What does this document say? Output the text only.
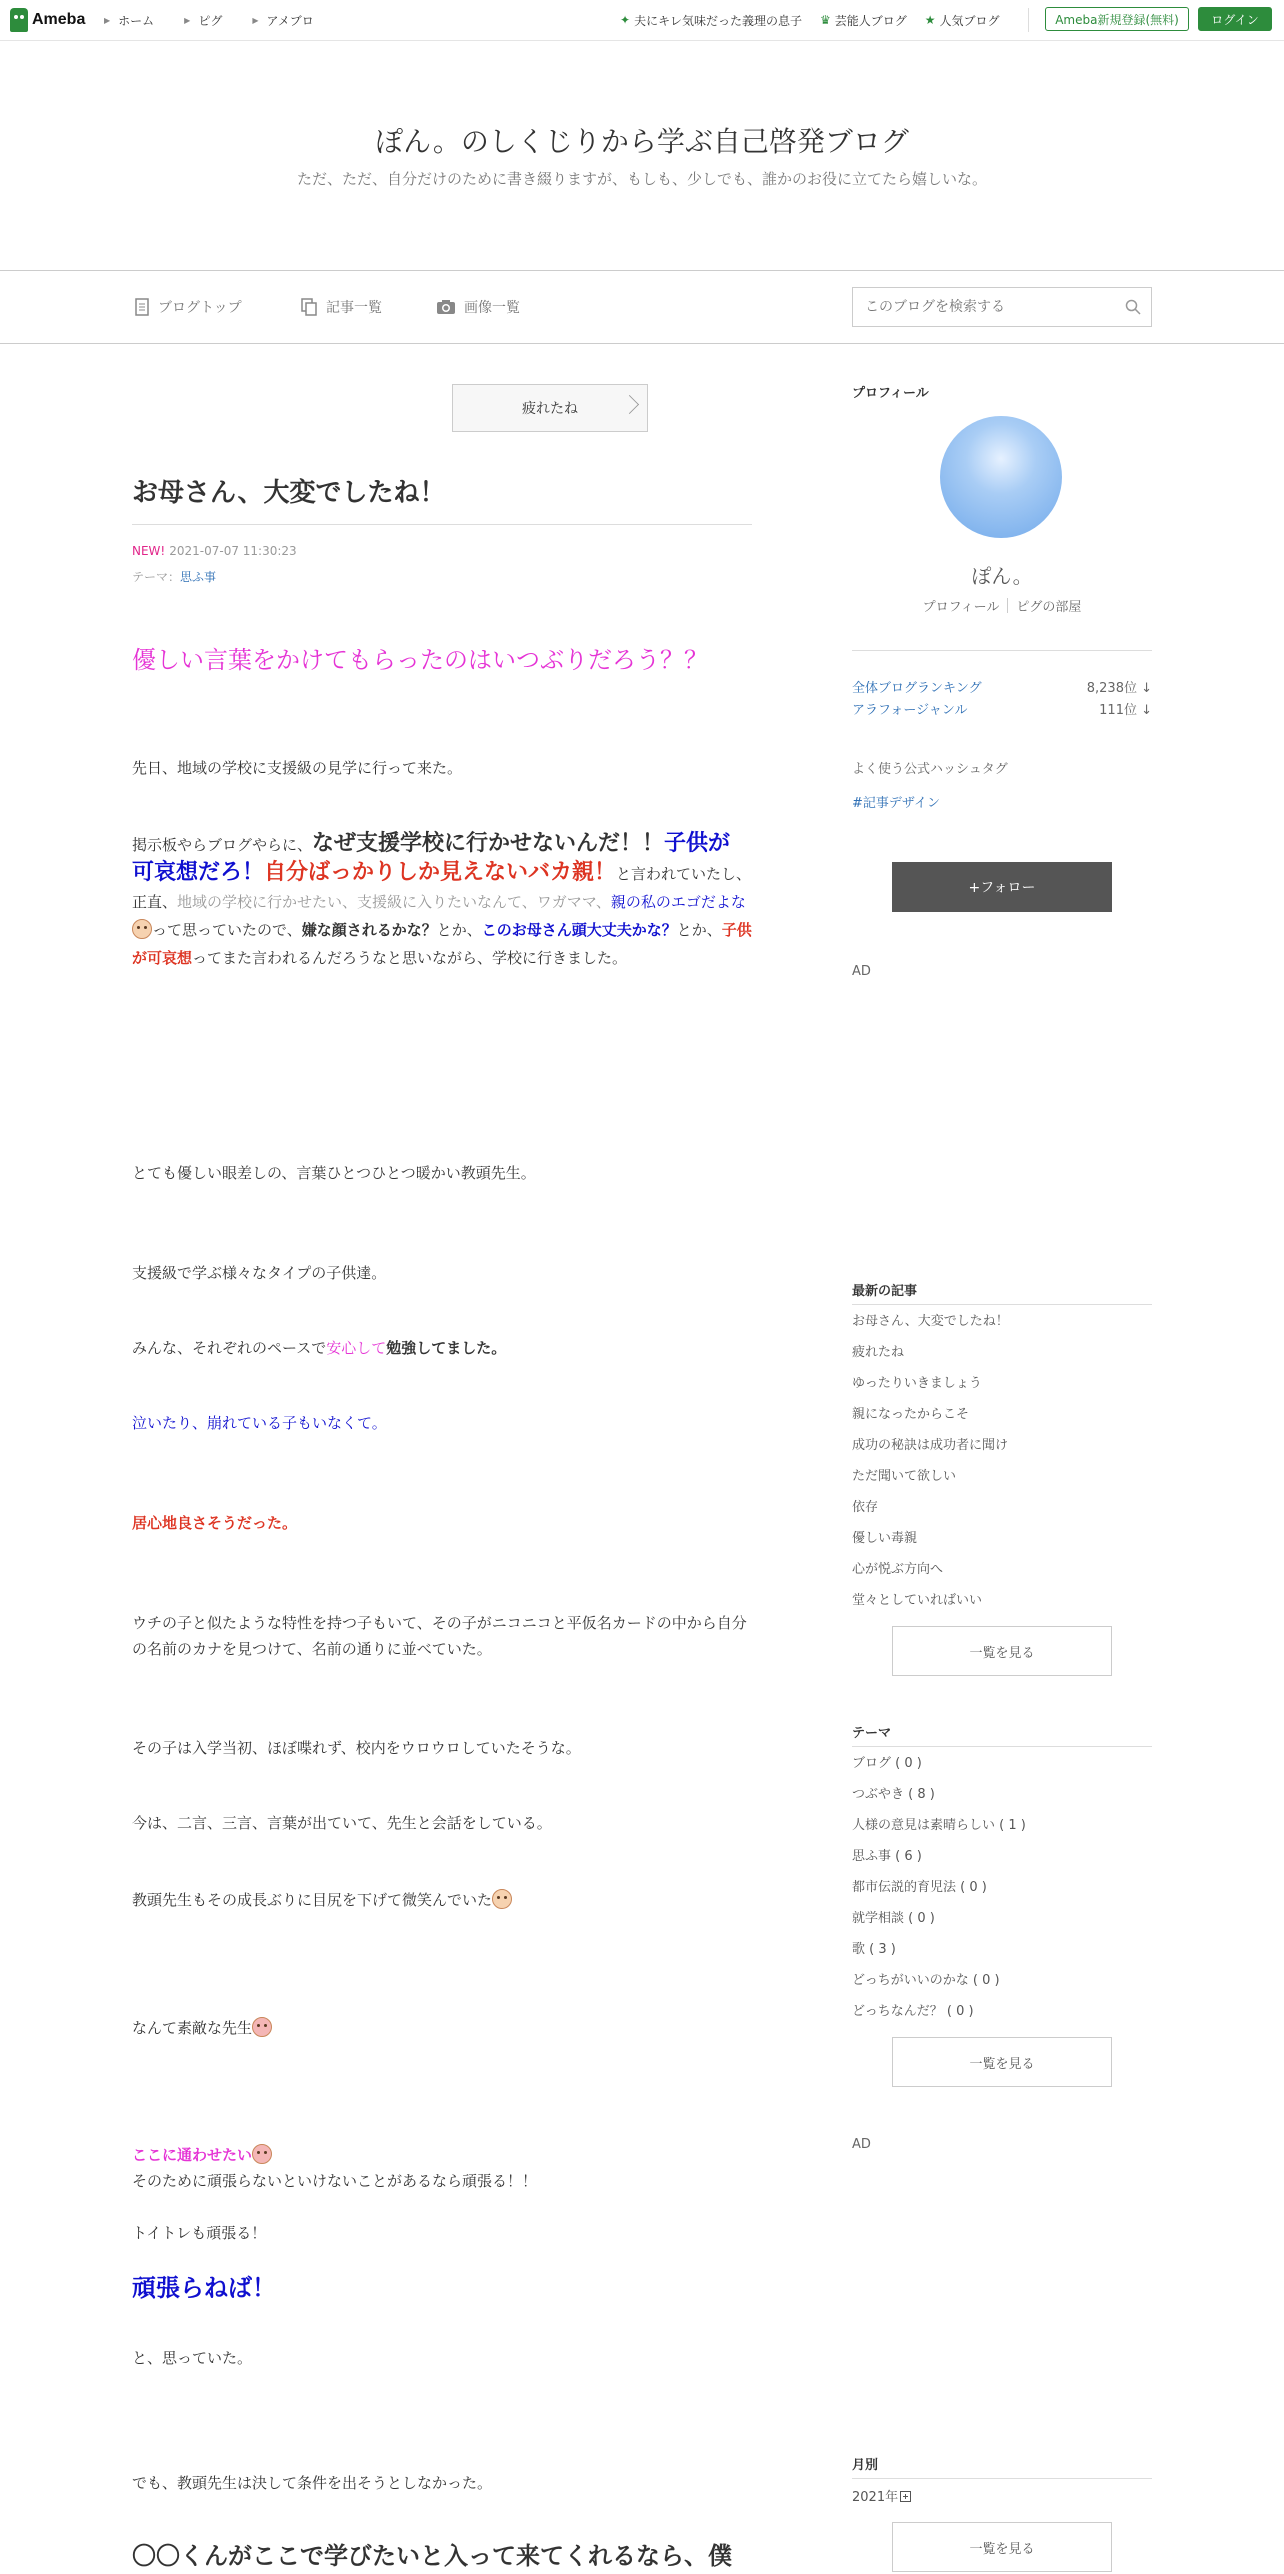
Ameba ▶ ホーム	▶ ピグ	▶ アメブロ	✦ 夫にキレ気味だった義理の息子 ♛ 芸能人ブログ ★ 人気ブログ	Ameba新規登録(無料)	ログイン
ぽん。のしくじりから学ぶ自己啓発ブログ
ただ、ただ、自分だけのために書き綴りますが、もしも、少しでも、誰かのお役に立てたら嬉しいな。
ブログトップ	記事一覧	画像一覧
このブログを検索する
疲れたね
お母さん、大変でしたね！
NEW! 2021-07-07 11:30:23
テーマ：思ふ事
優しい言葉をかけてもらったのはいつぶりだろう？？
先日、地域の学校に支援級の見学に行って来た。
掲示板やらブログやらに、なぜ支援学校に行かせないんだ！！子供が可哀想だろ！自分ばっかりしか見えないバカ親！と言われていたし、正直、地域の学校に行かせたい、支援級に入りたいなんて、ワガママ、親の私のエゴだよなって思っていたので、嫌な顔されるかな？とか、このお母さん頭大丈夫かな？とか、子供が可哀想ってまた言われるんだろうなと思いながら、学校に行きました。
とても優しい眼差しの、言葉ひとつひとつ暖かい教頭先生。
支援級で学ぶ様々なタイプの子供達。
みんな、それぞれのペースで安心して勉強してました。
泣いたり、崩れている子もいなくて。
居心地良さそうだった。
ウチの子と似たような特性を持つ子もいて、その子がニコニコと平仮名カードの中から自分の名前のカナを見つけて、名前の通りに並べていた。
その子は入学当初、ほぼ喋れず、校内をウロウロしていたそうな。
今は、二言、三言、言葉が出ていて、先生と会話をしている。
教頭先生もその成長ぶりに目尻を下げて微笑んでいた
なんて素敵な先生
ここに通わせたい
そのために頑張らないといけないことがあるなら頑張る！！
トイトレも頑張る！
頑張らねば！
と、思っていた。
でも、教頭先生は決して条件を出そうとしなかった。
〇〇くんがここで学びたいと入って来てくれるなら、僕
プロフィール
ぽん。
プロフィール	ピグの部屋
全体ブログランキング	8,238位 ↓
アラフォージャンル	111位 ↓
よく使う公式ハッシュタグ
#記事デザイン
+フォロー
AD
最新の記事
お母さん、大変でしたね！
疲れたね
ゆったりいきましょう
親になったからこそ
成功の秘訣は成功者に聞け
ただ聞いて欲しい
依存
優しい毒親
心が悦ぶ方向へ
堂々としていればいい
一覧を見る
テーマ
ブログ ( 0 )
つぶやき ( 8 )
人様の意見は素晴らしい ( 1 )
思ふ事 ( 6 )
都市伝説的育児法 ( 0 )
就学相談 ( 0 )
歌 ( 3 )
どっちがいいのかな ( 0 )
どっちなんだ？ ( 0 )
一覧を見る
AD
月別
2021年
一覧を見る
